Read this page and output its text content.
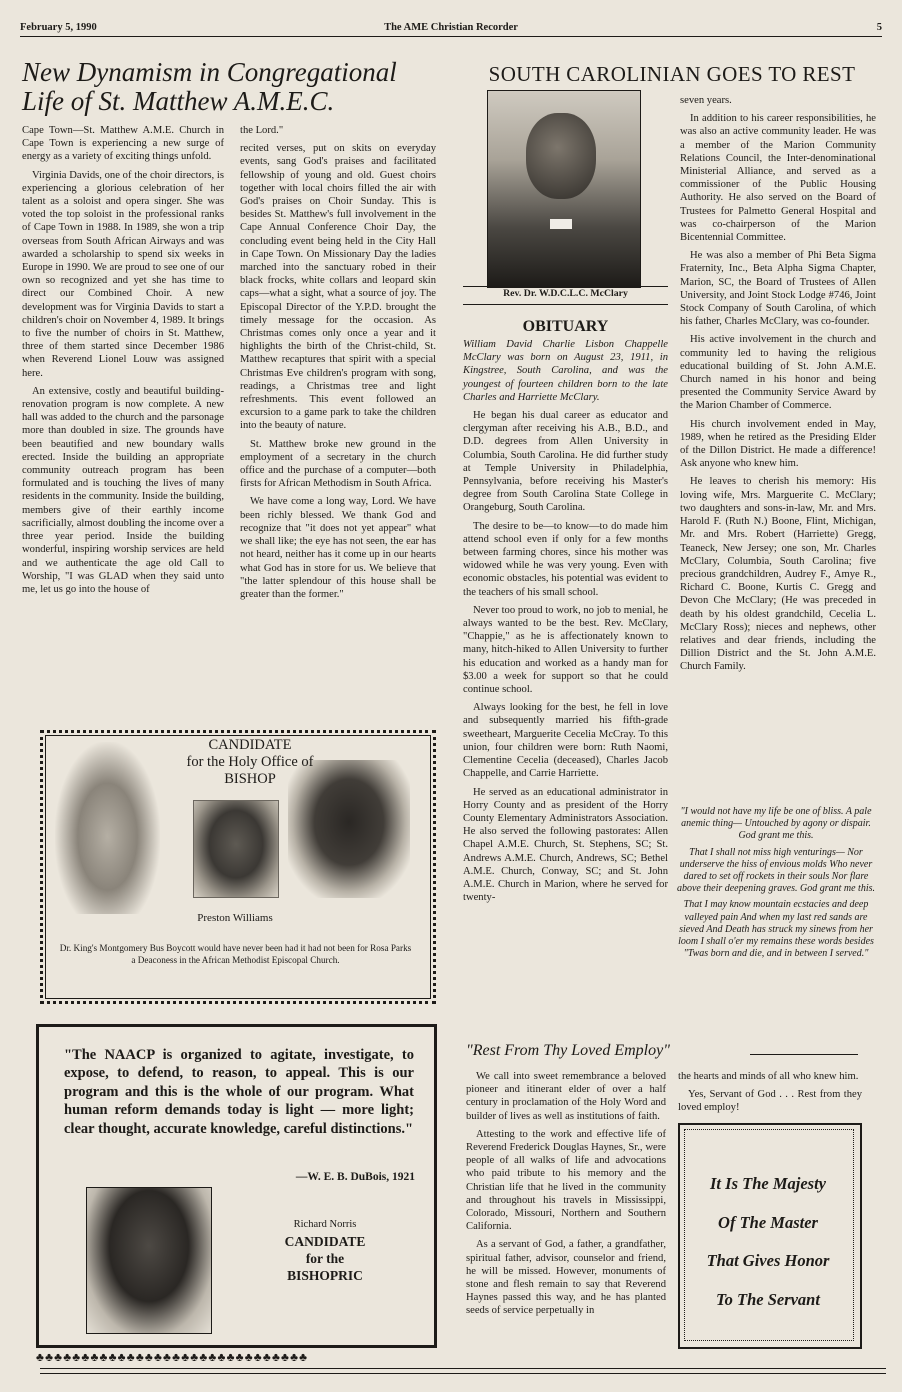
February 5, 1990	The AME Christian Recorder	5
New Dynamism in Congregational Life of St. Matthew A.M.E.C.

Cape Town—St. Matthew A.M.E. Church in Cape Town is experiencing a new surge of energy as a variety of exciting things unfold.

Virginia Davids, one of the choir directors, is experiencing a glorious celebration of her talent as a soloist and opera singer. She was voted the top soloist in the professional ranks of Cape Town in 1988. In 1989, she won a trip overseas from South African Airways and was awarded a scholarship to spend six weeks in Europe in 1990. We are proud to see one of our own so recognized and yet she has time to direct our Combined Choir. A new development was for Virginia Davids to start a children's choir on November 4, 1989. It brings to five the number of choirs in St. Matthew, three of them started since December 1986 when Reverend Lionel Louw was assigned here.

An extensive, costly and beautiful building-renovation program is now complete. A new hall was added to the church and the parsonage more than doubled in size. The grounds have been beautified and new boundary walls erected. Inside the building an appropriate community outreach program has been formulated and is touching the lives of many residents in the community. Inside the building, members give of their earthly income sacrificially, almost doubling the income over a three year period. Inside the building wonderful, inspiring worship services are held and we authenticate the age old Call to Worship, "I was GLAD when they said unto me, let us go into the house of

the Lord."

recited verses, put on skits on everyday events, sang God's praises and facilitated fellowship of young and old. Guest choirs together with local choirs filled the air with God's praises on Choir Sunday. This is besides St. Matthew's full involvement in the Cape Annual Conference Choir Day, the concluding event being held in the City Hall in Cape Town. On Missionary Day the ladies marched into the sanctuary robed in their black frocks, white collars and leopard skin caps—what a sight, what a source of joy. The Episcopal Director of the Y.P.D. brought the timely message for the occasion. As Christmas comes only once a year and it highlights the birth of the Christ-child, St. Matthew recaptures that spirit with a special Christmas Eve children's program with song, readings, a Christmas tree and light refreshments. This event followed an excursion to a game park to take the children into the beauty of nature.

St. Matthew broke new ground in the employment of a secretary in the church office and the purchase of a computer—both firsts for African Methodism in South Africa.

We have come a long way, Lord. We have been richly blessed. We thank God and recognize that "it does not yet appear" what we shall like; the eye has not seen, the ear has not heard, neither has it come up in our hearts what God has in store for us. We believe that "the latter splendour of this house shall be greater than the former."

SOUTH CAROLINIAN GOES TO REST
Rev. Dr. W.D.C.L.C. McClary
OBITUARY

William David Charlie Lisbon Chappelle McClary was born on August 23, 1911, in Kingstree, South Carolina, and was the youngest of fourteen children born to the late Charles and Harriette McClary.

He began his dual career as educator and clergyman after receiving his A.B., B.D., and D.D. degrees from Allen University in Columbia, South Carolina. He did further study at Temple University in Philadelphia, Pennsylvania, before receiving his Master's degree from South Carolina State College in Orangeburg, South Carolina.

The desire to be—to know—to do made him attend school even if only for a few months between farming chores, since his mother was widowed while he was very young. Even with economic obstacles, his potential was evident to the teachers of his small school.

Never too proud to work, no job to menial, he always wanted to be the best. Rev. McClary, "Chappie," as he is affectionately known to many, hitch-hiked to Allen University to further his education and worked as a handy man for $3.00 a week for support so that he could continue school.

Always looking for the best, he fell in love and subsequently married his fifth-grade sweetheart, Marguerite Cecelia McCray. To this union, four children were born: Ruth Naomi, Clementine Cecelia (deceased), Charles Jacob Chappelle, and Carrie Harriette.

He served as an educational administrator in Horry County and as president of the Horry County Elementary Administrators Association. He also served the following pastorates: Allen Chapel A.M.E. Church, St. Stephens, SC; St. Andrews A.M.E. Church, Andrews, SC; Bethel A.M.E. Church, Conway, SC; and St. John A.M.E. Church in Marion, where he served for twenty-

seven years.

In addition to his career responsibilities, he was also an active community leader. He was a member of the Marion Community Relations Council, the Inter-denominational Ministerial Alliance, and served as a commissioner of the Public Housing Authority. He also served on the Board of Trustees for Palmetto General Hospital and was co-chairperson of the Marion Bicentennial Committee.

He was also a member of Phi Beta Sigma Fraternity, Inc., Beta Alpha Sigma Chapter, Marion, SC, the Board of Trustees of Allen University, and Joint Stock Lodge #746, Joint Stock Company of South Carolina, of which his father, Charles McClary, was co-founder.

His active involvement in the church and community led to having the religious educational building of St. John A.M.E. Church named in his honor and being presented the Community Service Award by the Marion Chamber of Commerce.

His church involvement ended in May, 1989, when he retired as the Presiding Elder of the Dillon District. He made a difference! Ask anyone who knew him.

He leaves to cherish his memory: His loving wife, Mrs. Marguerite C. McClary; two daughters and sons-in-law, Mr. and Mrs. Harold F. (Ruth N.) Boone, Flint, Michigan, Mr. and Mrs. Robert (Harriette) Gregg, Teaneck, New Jersey; one son, Mr. Charles McClary, Columbia, South Carolina; five precious grandchildren, Audrey F., Amye R., Richard C. Boone, Kurtis C. Gregg and Devon Che McClary; (He was preceded in death by his oldest grandchild, Cecelia L. McClary Ross); nieces and nephews, other relatives and dear friends, including the Dillion District and the St. John A.M.E. Church Family.

"I would not have my life be one of bliss. A pale anemic thing— Untouched by agony or dispair. God grant me this.

That I shall not miss high venturings— Nor underserve the hiss of envious molds Who never dared to set off rockets in their souls Nor flare above their deepening graves. God grant me this.

That I may know mountain ecstacies and deep valleyed pain And when my last red sands are sieved And Death has struck my sinews from her loom I shall o'er my remains these words besides "Twas born and die, and in between I served."

CANDIDATE
for the Holy Office of
BISHOP
Preston Williams
Dr. King's Montgomery Bus Boycott would have never been had it had not been for Rosa Parks a Deaconess in the African Methodist Episcopal Church.
"The NAACP is organized to agitate, investigate, to expose, to defend, to reason, to appeal. This is our program and this is the whole of our program. What human reform demands today is light — more light; clear thought, accurate knowledge, careful distinctions."
—W. E. B. DuBois, 1921
Richard Norris
CANDIDATE
for the
BISHOPRIC
♣♣♣♣♣♣♣♣♣♣♣♣♣♣♣♣♣♣♣♣♣♣♣♣♣♣♣♣♣♣
"Rest From Thy Loved Employ"

We call into sweet remembrance a beloved pioneer and itinerant elder of over a half century in proclamation of the Holy Word and builder of lives as well as institutions of faith.

Attesting to the work and effective life of Reverend Frederick Douglas Haynes, Sr., were people of all walks of life and advocations who paid tribute to his memory and the Christian life that he lived in the community and throughout his travels in Mississippi, Colorado, Missouri, Northern and Southern California.

As a servant of God, a father, a grandfather, spiritual father, advisor, counselor and friend, he will be missed. However, monuments of stone and flesh remain to say that Reverend Haynes passed this way, and he has planted seeds of service perpetually in

the hearts and minds of all who knew him.

Yes, Servant of God . . . Rest from they loved employ!

It Is The Majesty
Of The Master
That Gives Honor
To The Servant
